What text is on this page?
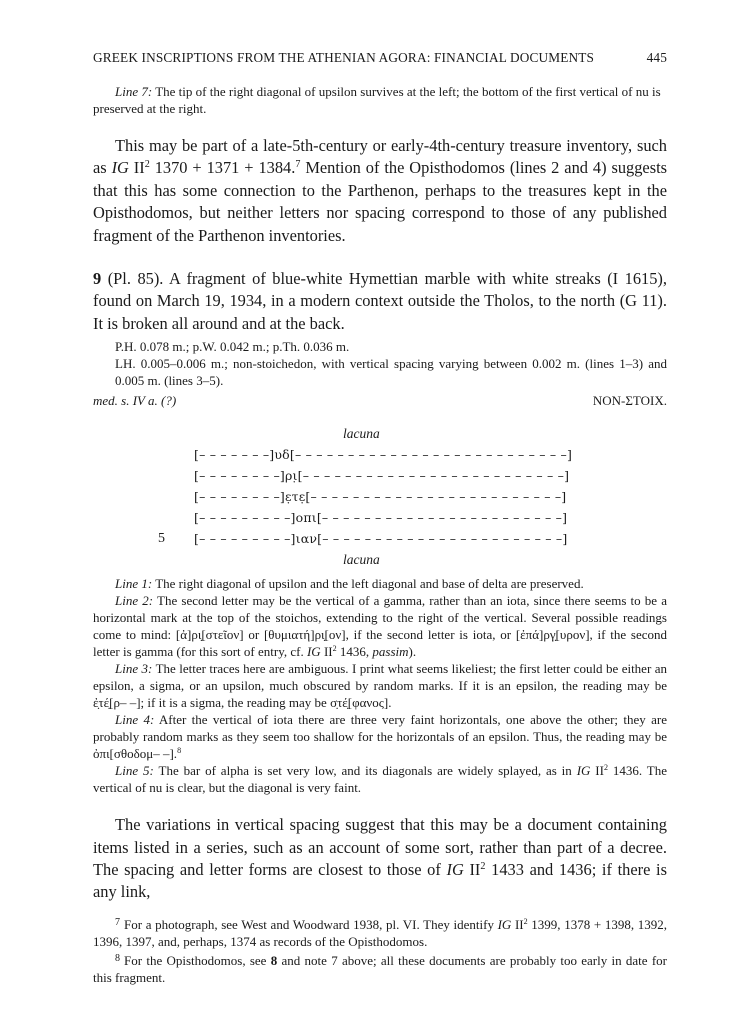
GREEK INSCRIPTIONS FROM THE ATHENIAN AGORA: FINANCIAL DOCUMENTS	445

Line 7: The tip of the right diagonal of upsilon survives at the left; the bottom of the first vertical of nu is preserved at the right.

This may be part of a late-5th-century or early-4th-century treasure inventory, such as IG $II^2$ 1370 + 1371 + 1384.$^7$ Mention of the Opisthodomos (lines 2 and 4) suggests that this has some connection to the Parthenon, perhaps to the treasures kept in the Opisthodomos, but neither letters nor spacing correspond to those of any published fragment of the Parthenon inventories.

9 (Pl. 85). A fragment of blue-white Hymettian marble with white streaks (I 1615), found on March 19, 1934, in a modern context outside the Tholos, to the north (G 11). It is broken all around and at the back.

P.H. 0.078 m.; p.W. 0.042 m.; p.Th. 0.036 m.

LH. 0.005–0.006 m.; non-stoichedon, with vertical spacing varying between 0.002 m. (lines 1–3) and 0.005 m. (lines 3–5).

med. s. IV a. (?)	NON-ΣΤΟΙΧ.
lacuna
[– – – – – – –]υδ[– – – – – – – – – – – – – – – – – – – – – – – – – –]
[– – – – – – – –]ρι̣[– – – – – – – – – – – – – – – – – – – – – – – – –]
[– – – – – – – –]ε̣τε̣[– – – – – – – – – – – – – – – – – – – – – – – –]
[– – – – – – – – –]οπι[– – – – – – – – – – – – – – – – – – – – – – –]
5 [– – – – – – – – –]ιαν[– – – – – – – – – – – – – – – – – – – – – – –]
lacuna

Line 1: The right diagonal of upsilon and the left diagonal and base of delta are preserved.

Line 2: The second letter may be the vertical of a gamma, rather than an iota, since there seems to be a horizontal mark at the top of the stoichos, extending to the right of the vertical. Several possible readings come to mind: [ἀ]ρι̣[στεῖον] or [θυμιατή]ρι̣[ον], if the second letter is iota, or [ἐπά]ργ̣[υρον], if the second letter is gamma (for this sort of entry, cf. IG $II^2$ 1436, passim).

Line 3: The letter traces here are ambiguous. I print what seems likeliest; the first letter could be either an epsilon, a sigma, or an upsilon, much obscured by random marks. If it is an epsilon, the reading may be ἐ̣τέ̣[ρ– –]; if it is a sigma, the reading may be σ̣τέ̣[φανος].

Line 4: After the vertical of iota there are three very faint horizontals, one above the other; they are probably random marks as they seem too shallow for the horizontals of an epsilon. Thus, the reading may be ὀπι[σθοδομ– –].$^8$

Line 5: The bar of alpha is set very low, and its diagonals are widely splayed, as in IG $II^2$ 1436. The vertical of nu is clear, but the diagonal is very faint.

The variations in vertical spacing suggest that this may be a document containing items listed in a series, such as an account of some sort, rather than part of a decree. The spacing and letter forms are closest to those of IG $II^2$ 1433 and 1436; if there is any link,

$^7$ For a photograph, see West and Woodward 1938, pl. VI. They identify IG $II^2$ 1399, 1378 + 1398, 1392, 1396, 1397, and, perhaps, 1374 as records of the Opisthodomos.

$^8$ For the Opisthodomos, see 8 and note 7 above; all these documents are probably too early in date for this fragment.
